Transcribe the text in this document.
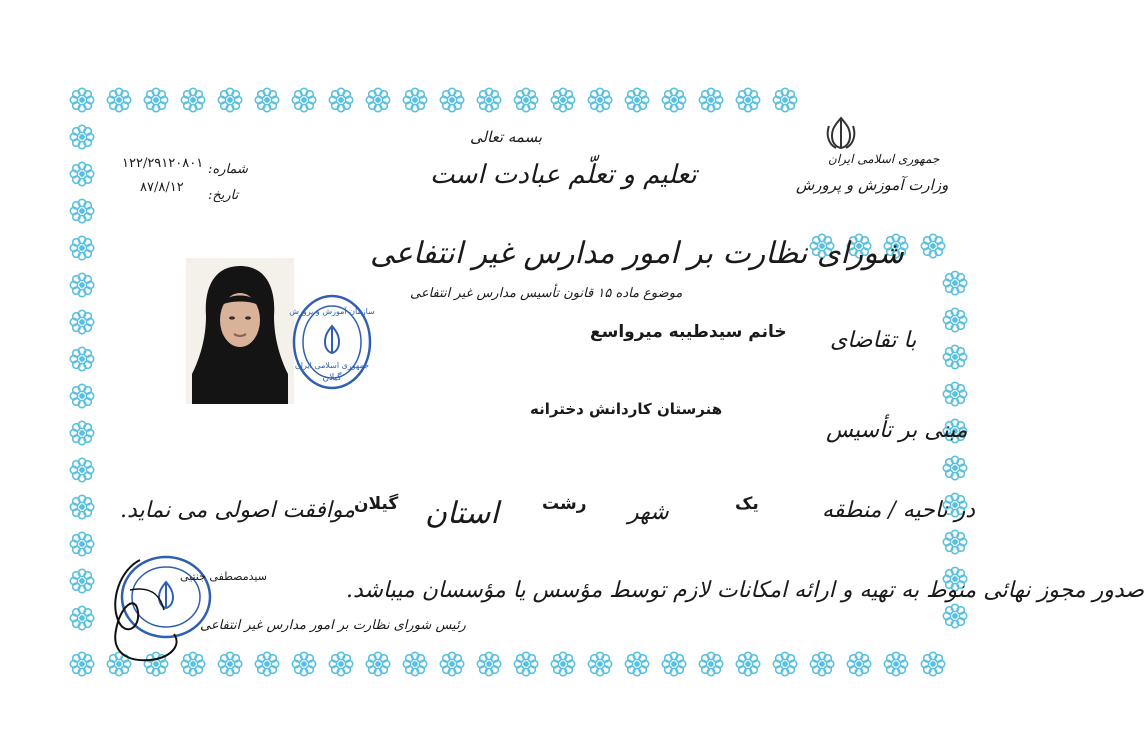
جمهوری اسلامی ایران
وزارت آموزش و پرورش
بسمه تعالی
تعلیم و تعلّم عبادت است
شورای نظارت بر امور مدارس غیر انتفاعی
موضوع ماده ۱۵ قانون تأسیس مدارس غیر انتفاعی
شماره:
۱۲۲/۲۹۱۲۰۸۰۱
تاریخ:
۸۷/۸/۱۲
سازمان آموزش و پرورش
جمهوری اسلامی ایران
گیلان
با تقاضای
خانم سیدطیبه میرواسع
هنرستان کاردانش دخترانه
مبنی بر تأسیس
در ناحیه / منطقه
یک
شهر
رشت
استان
گیلان
موافقت اصولی می نماید.
صدور مجوز نهائی منوط به تهیه و ارائه امکانات لازم توسط مؤسس یا مؤسسان میباشد.
سیدمصطفی جنتیی
رئیس شورای نظارت بر امور مدارس غیر انتفاعی
